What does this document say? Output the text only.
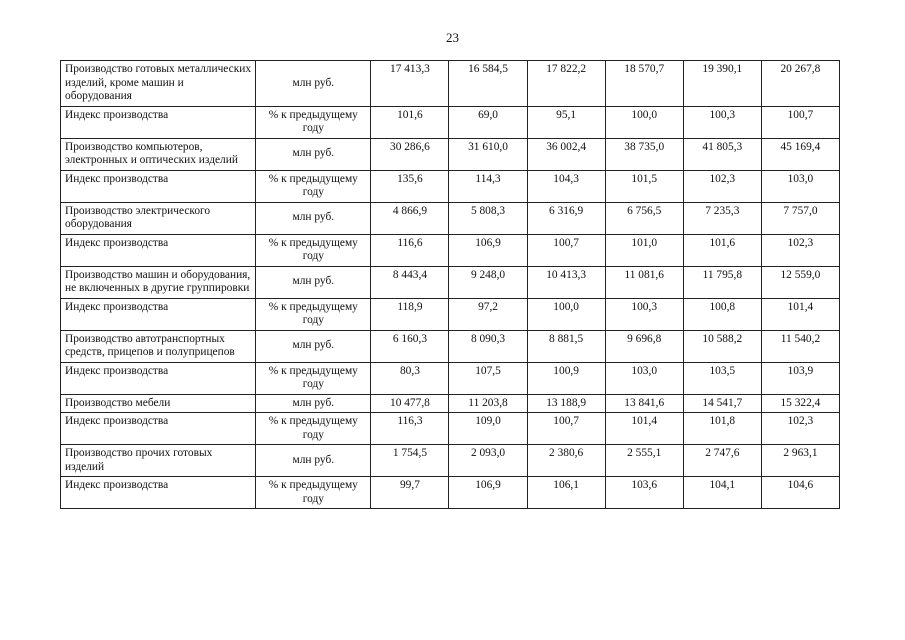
23
Производство готовых металлических изделий, кроме машин и оборудования	млн руб.	17 413,3	16 584,5	17 822,2	18 570,7	19 390,1	20 267,8
Индекс производства	% к предыдущему году	101,6	69,0	95,1	100,0	100,3	100,7
Производство компьютеров, электронных и оптических изделий	млн руб.	30 286,6	31 610,0	36 002,4	38 735,0	41 805,3	45 169,4
Индекс производства	% к предыдущему году	135,6	114,3	104,3	101,5	102,3	103,0
Производство электрического оборудования	млн руб.	4 866,9	5 808,3	6 316,9	6 756,5	7 235,3	7 757,0
Индекс производства	% к предыдущему году	116,6	106,9	100,7	101,0	101,6	102,3
Производство машин и оборудования, не включенных в другие группировки	млн руб.	8 443,4	9 248,0	10 413,3	11 081,6	11 795,8	12 559,0
Индекс производства	% к предыдущему году	118,9	97,2	100,0	100,3	100,8	101,4
Производство автотранспортных средств, прицепов и полуприцепов	млн руб.	6 160,3	8 090,3	8 881,5	9 696,8	10 588,2	11 540,2
Индекс производства	% к предыдущему году	80,3	107,5	100,9	103,0	103,5	103,9
Производство мебели	млн руб.	10 477,8	11 203,8	13 188,9	13 841,6	14 541,7	15 322,4
Индекс производства	% к предыдущему году	116,3	109,0	100,7	101,4	101,8	102,3
Производство прочих готовых изделий	млн руб.	1 754,5	2 093,0	2 380,6	2 555,1	2 747,6	2 963,1
Индекс производства	% к предыдущему году	99,7	106,9	106,1	103,6	104,1	104,6
